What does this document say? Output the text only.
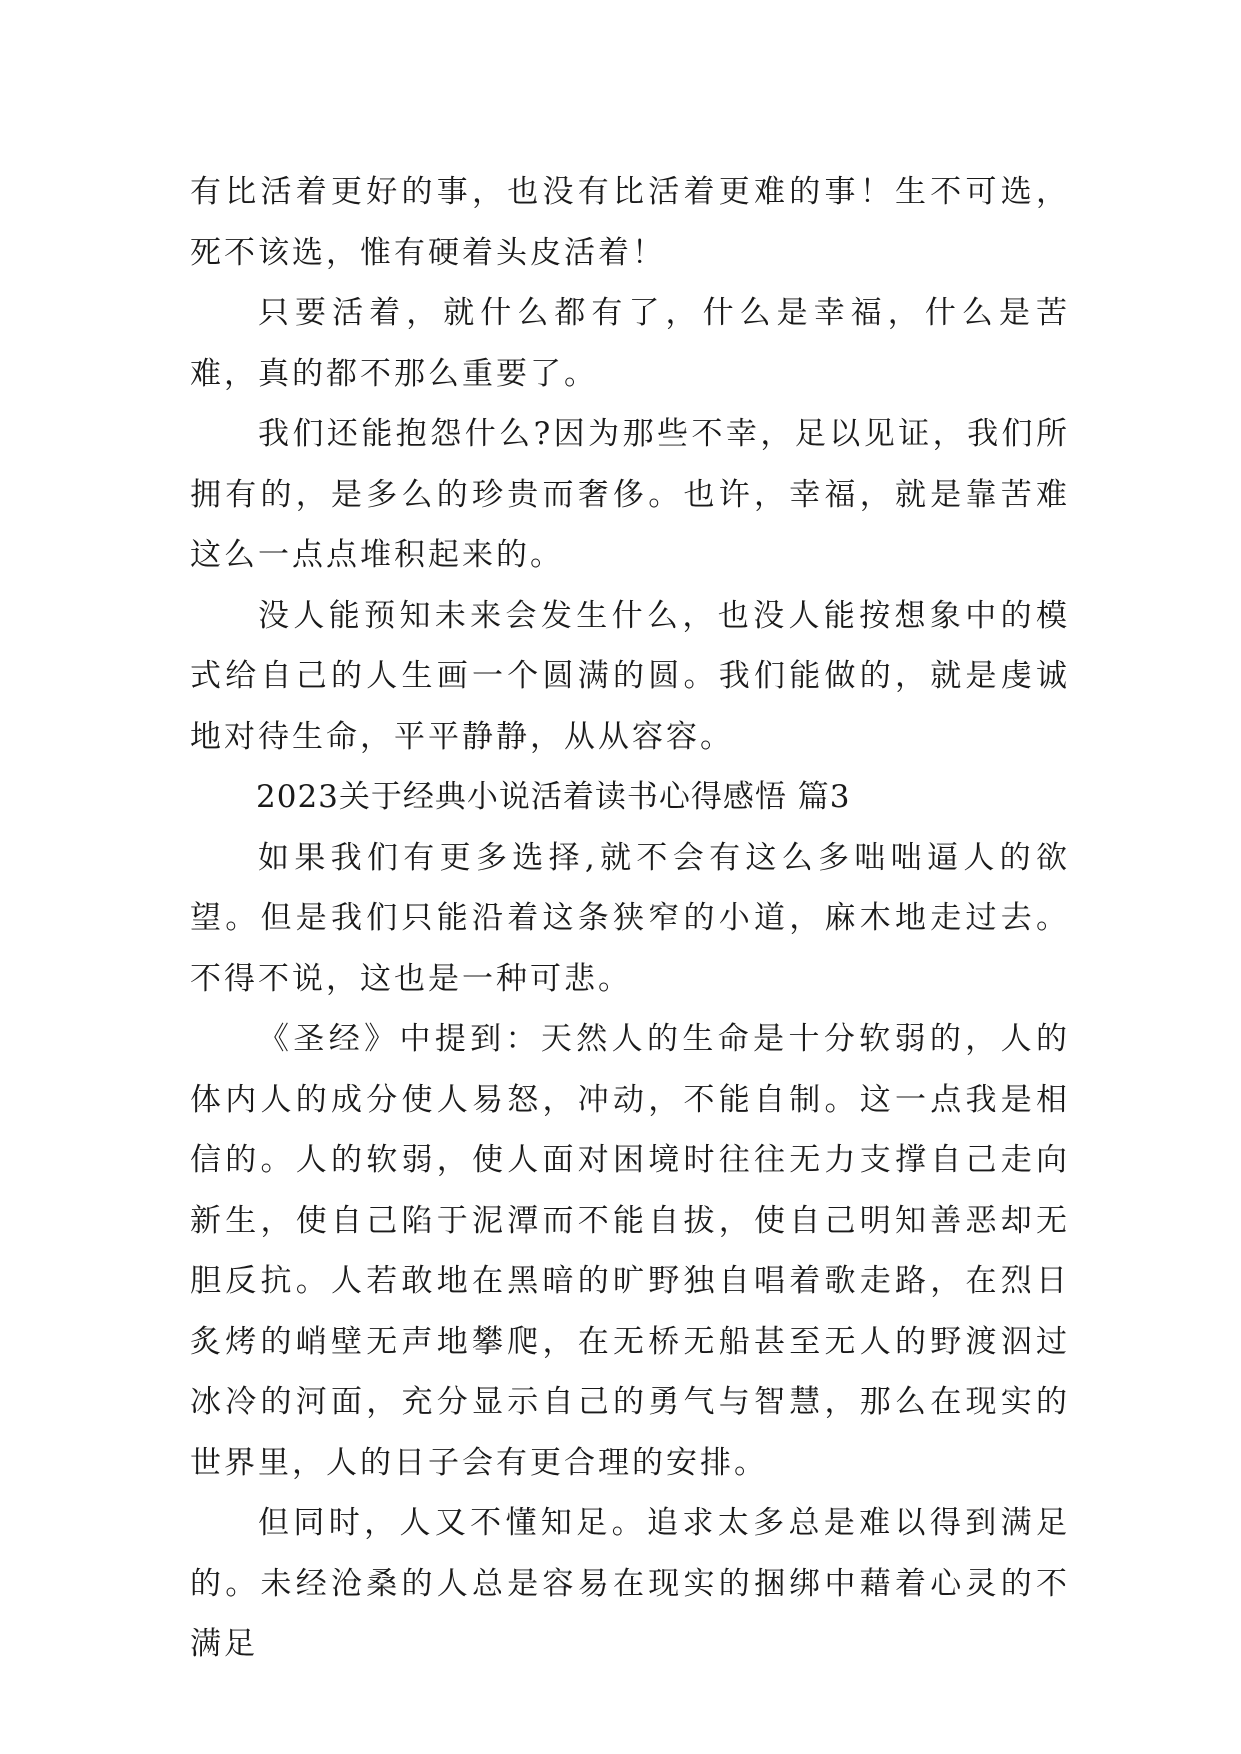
有比活着更好的事，也没有比活着更难的事！生不可选，死不该选，惟有硬着头皮活着！

只要活着，就什么都有了，什么是幸福，什么是苦难，真的都不那么重要了。

我们还能抱怨什么?因为那些不幸，足以见证，我们所拥有的，是多么的珍贵而奢侈。也许，幸福，就是靠苦难这么一点点堆积起来的。

没人能预知未来会发生什么，也没人能按想象中的模式给自己的人生画一个圆满的圆。我们能做的，就是虔诚地对待生命，平平静静，从从容容。

2023关于经典小说活着读书心得感悟 篇3

如果我们有更多选择,就不会有这么多咄咄逼人的欲望。但是我们只能沿着这条狭窄的小道，麻木地走过去。不得不说，这也是一种可悲。

《圣经》中提到：天然人的生命是十分软弱的，人的体内人的成分使人易怒，冲动，不能自制。这一点我是相信的。人的软弱，使人面对困境时往往无力支撑自己走向新生，使自己陷于泥潭而不能自拔，使自己明知善恶却无胆反抗。人若敢地在黑暗的旷野独自唱着歌走路，在烈日炙烤的峭壁无声地攀爬，在无桥无船甚至无人的野渡泅过冰冷的河面，充分显示自己的勇气与智慧，那么在现实的世界里，人的日子会有更合理的安排。

但同时，人又不懂知足。追求太多总是难以得到满足的。未经沧桑的人总是容易在现实的捆绑中藉着心灵的不满足
